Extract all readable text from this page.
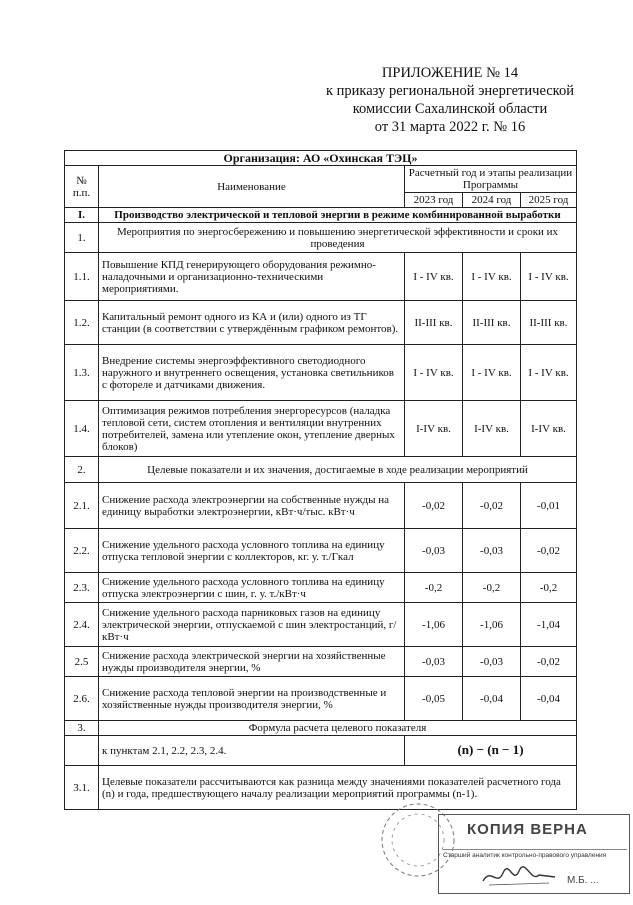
ПРИЛОЖЕНИЕ № 14
к приказу региональной энергетической
комиссии Сахалинской области
от 31 марта 2022 г. № 16
Организация: АО «Охинская ТЭЦ»				
№ п.п.	Наименование	Расчетный год и этапы реализации Программы		
		2023 год	2024 год	2025 год
I.	Производство электрической и тепловой энергии в режиме комбинированной выработки			
1.	Мероприятия по энергосбережению и повышению энергетической эффективности и сроки их проведения			
1.1.	Повышение КПД генерирующего оборудования режимно-наладочными и организационно-техническими мероприятиями.	I - IV кв.	I - IV кв.	I - IV кв.
1.2.	Капитальный ремонт одного из КА и (или) одного из ТГ станции (в соответствии с утверждённым графиком ремонтов).	II-III кв.	II-III кв.	II-III кв.
1.3.	Внедрение системы энергоэффективного светодиодного наружного и внутреннего освещения, установка светильников с фотореле и датчиками движения.	I - IV кв.	I - IV кв.	I - IV кв.
1.4.	Оптимизация режимов потребления энергоресурсов (наладка тепловой сети, систем отопления и вентиляции внутренних потребителей, замена или утепление окон, утепление дверных блоков)	I-IV кв.	I-IV кв.	I-IV кв.
2.	Целевые показатели и их значения, достигаемые в ходе реализации мероприятий			
2.1.	Снижение расхода электроэнергии на собственные нужды на единицу выработки электроэнергии, кВт·ч/тыс. кВт·ч	-0,02	-0,02	-0,01
2.2.	Снижение удельного расхода условного топлива на единицу отпуска тепловой энергии с коллекторов, кг. у. т./Гкал	-0,03	-0,03	-0,02
2.3.	Снижение удельного расхода условного топлива на единицу отпуска электроэнергии с шин, г. у. т./кВт·ч	-0,2	-0,2	-0,2
2.4.	Снижение удельного расхода парниковых газов на единицу электрической энергии, отпускаемой с шин электростанций, г/кВт·ч	-1,06	-1,06	-1,04
2.5	Снижение расхода электрической энергии на хозяйственные нужды производителя энергии, %	-0,03	-0,03	-0,02
2.6.	Снижение расхода тепловой энергии на производственные и хозяйственные нужды производителя энергии, %	-0,05	-0,04	-0,04
3.	Формула расчета целевого показателя			
	к пунктам 2.1, 2.2, 2.3, 2.4.	(n) − (n − 1)		
3.1.	Целевые показатели рассчитываются как разница между значениями показателей расчетного года (n) и года, предшествующего началу реализации мероприятий программы (n-1).			
КОПИЯ ВЕРНА
Старший аналитик контрольно-правового управления
М.Б. ...
